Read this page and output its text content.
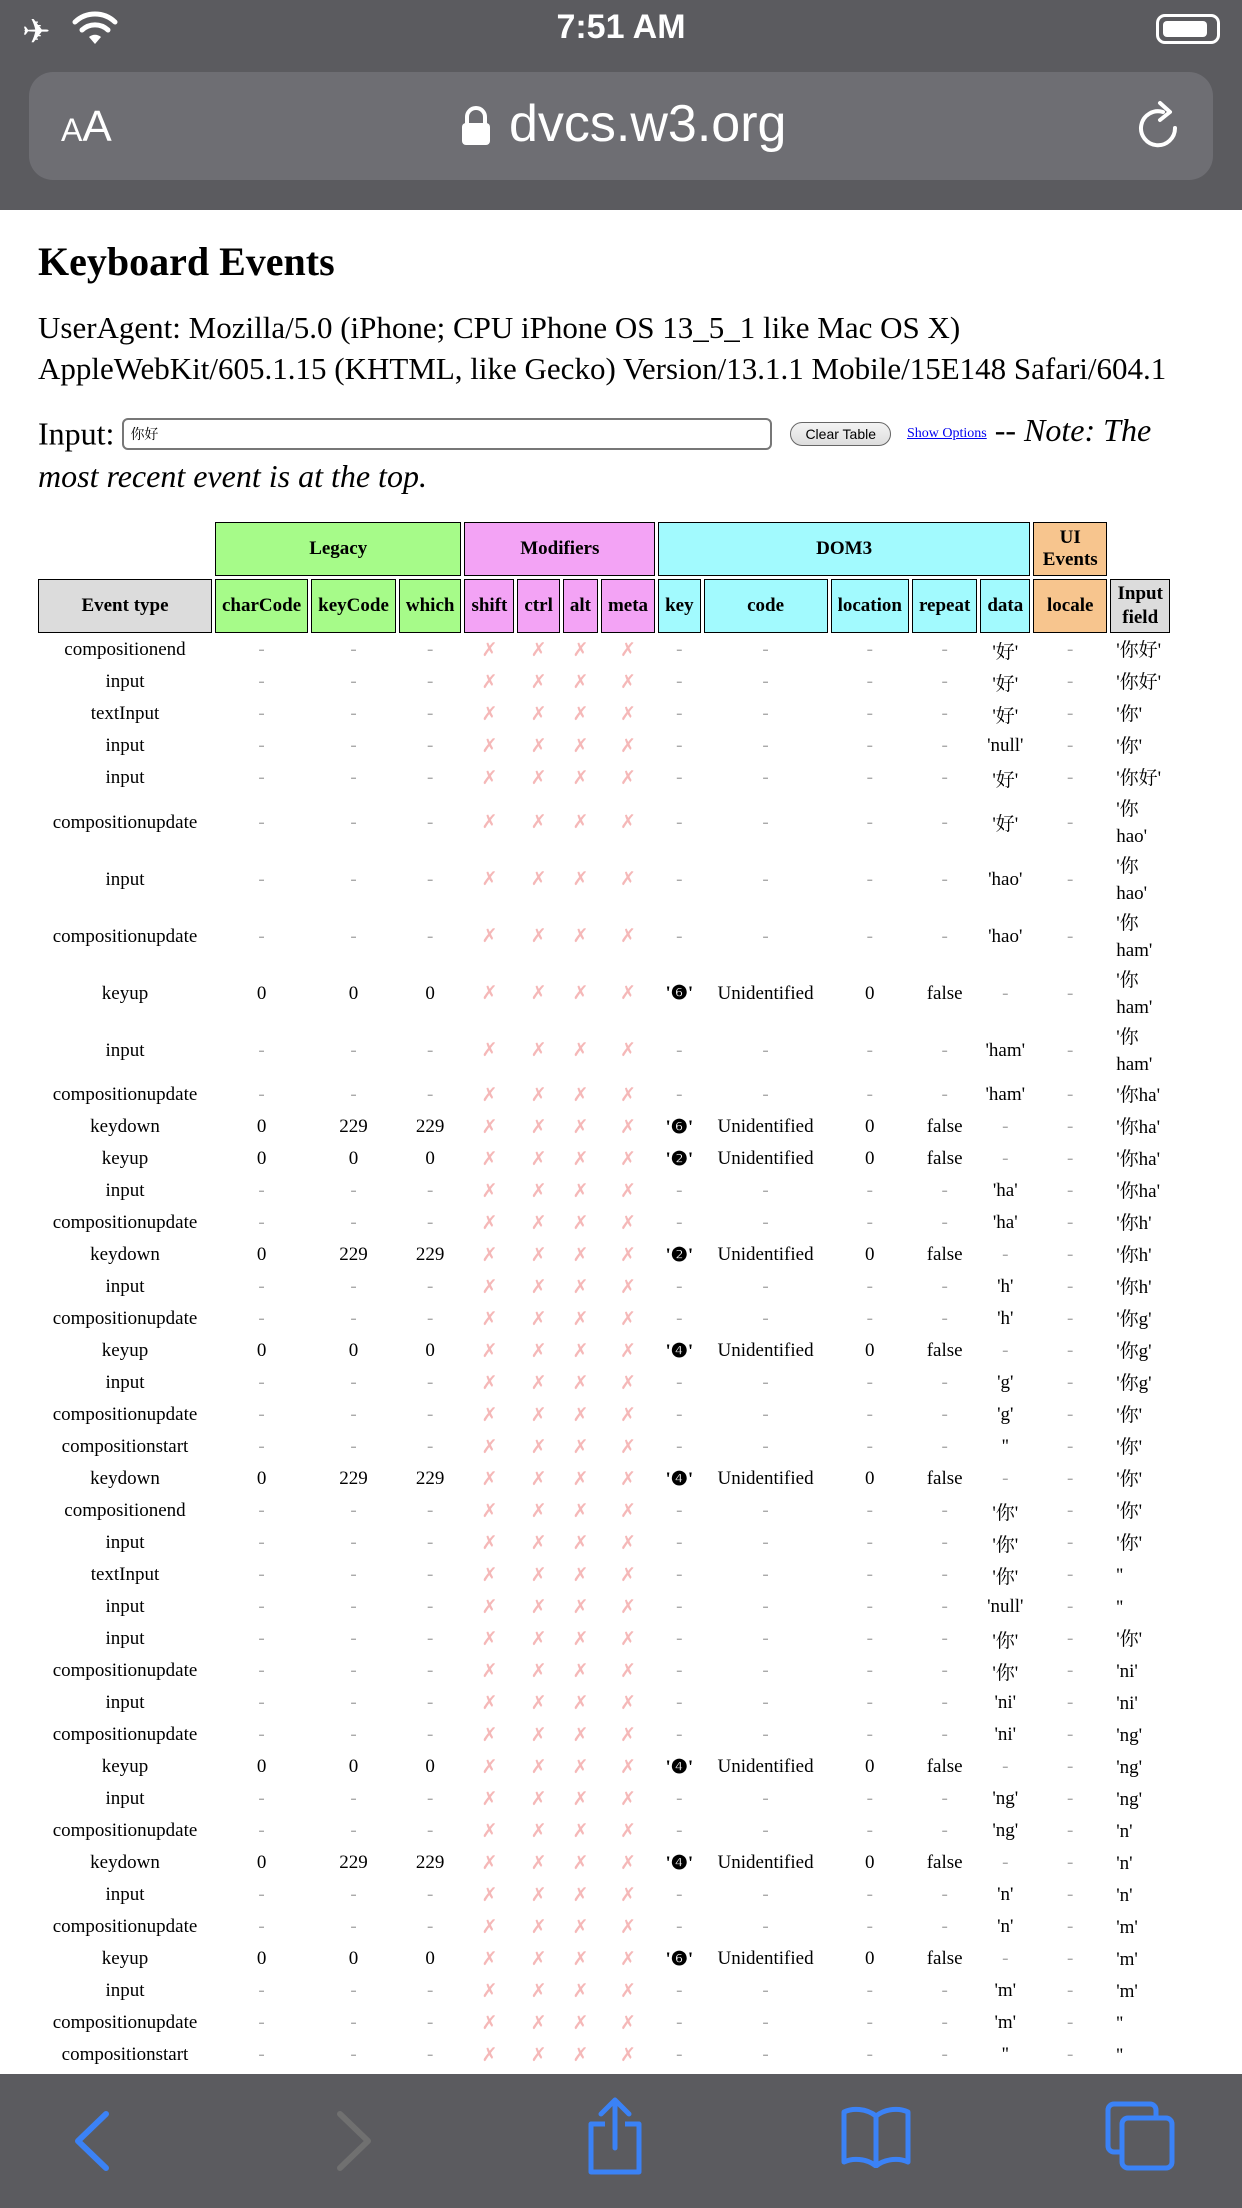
✈	7:51 AM
AA	dvcs.w3.org
Keyboard Events
UserAgent: Mozilla/5.0 (iPhone; CPU iPhone OS 13_5_1 like Mac OS X) AppleWebKit/605.1.15 (KHTML, like Gecko) Version/13.1.1 Mobile/15E148 Safari/604.1
Input: 你好	Clear Table Show Options -- Note: The most recent event is at the top.
	Legacy			Modifiers				DOM3					UI Events	
Event type	charCode	keyCode	which	shift	ctrl	alt	meta	key	code	location	repeat	data	locale	Input field
compositionend	-	-	-	✗	✗	✗	✗	-	-	-	-	'好'	-	'你好'
input	-	-	-	✗	✗	✗	✗	-	-	-	-	'好'	-	'你好'
textInput	-	-	-	✗	✗	✗	✗	-	-	-	-	'好'	-	'你'
input	-	-	-	✗	✗	✗	✗	-	-	-	-	'null'	-	'你'
input	-	-	-	✗	✗	✗	✗	-	-	-	-	'好'	-	'你好'
compositionupdate	-	-	-	✗	✗	✗	✗	-	-	-	-	'好'	-	'你 hao'
input	-	-	-	✗	✗	✗	✗	-	-	-	-	'hao'	-	'你 hao'
compositionupdate	-	-	-	✗	✗	✗	✗	-	-	-	-	'hao'	-	'你 ham'
keyup	0	0	0	✗	✗	✗	✗	'❻'	Unidentified	0	false	-	-	'你 ham'
input	-	-	-	✗	✗	✗	✗	-	-	-	-	'ham'	-	'你 ham'
compositionupdate	-	-	-	✗	✗	✗	✗	-	-	-	-	'ham'	-	'你ha'
keydown	0	229	229	✗	✗	✗	✗	'❻'	Unidentified	0	false	-	-	'你ha'
keyup	0	0	0	✗	✗	✗	✗	'❷'	Unidentified	0	false	-	-	'你ha'
input	-	-	-	✗	✗	✗	✗	-	-	-	-	'ha'	-	'你ha'
compositionupdate	-	-	-	✗	✗	✗	✗	-	-	-	-	'ha'	-	'你h'
keydown	0	229	229	✗	✗	✗	✗	'❷'	Unidentified	0	false	-	-	'你h'
input	-	-	-	✗	✗	✗	✗	-	-	-	-	'h'	-	'你h'
compositionupdate	-	-	-	✗	✗	✗	✗	-	-	-	-	'h'	-	'你g'
keyup	0	0	0	✗	✗	✗	✗	'❹'	Unidentified	0	false	-	-	'你g'
input	-	-	-	✗	✗	✗	✗	-	-	-	-	'g'	-	'你g'
compositionupdate	-	-	-	✗	✗	✗	✗	-	-	-	-	'g'	-	'你'
compositionstart	-	-	-	✗	✗	✗	✗	-	-	-	-	''	-	'你'
keydown	0	229	229	✗	✗	✗	✗	'❹'	Unidentified	0	false	-	-	'你'
compositionend	-	-	-	✗	✗	✗	✗	-	-	-	-	'你'	-	'你'
input	-	-	-	✗	✗	✗	✗	-	-	-	-	'你'	-	'你'
textInput	-	-	-	✗	✗	✗	✗	-	-	-	-	'你'	-	''
input	-	-	-	✗	✗	✗	✗	-	-	-	-	'null'	-	''
input	-	-	-	✗	✗	✗	✗	-	-	-	-	'你'	-	'你'
compositionupdate	-	-	-	✗	✗	✗	✗	-	-	-	-	'你'	-	'ni'
input	-	-	-	✗	✗	✗	✗	-	-	-	-	'ni'	-	'ni'
compositionupdate	-	-	-	✗	✗	✗	✗	-	-	-	-	'ni'	-	'ng'
keyup	0	0	0	✗	✗	✗	✗	'❹'	Unidentified	0	false	-	-	'ng'
input	-	-	-	✗	✗	✗	✗	-	-	-	-	'ng'	-	'ng'
compositionupdate	-	-	-	✗	✗	✗	✗	-	-	-	-	'ng'	-	'n'
keydown	0	229	229	✗	✗	✗	✗	'❹'	Unidentified	0	false	-	-	'n'
input	-	-	-	✗	✗	✗	✗	-	-	-	-	'n'	-	'n'
compositionupdate	-	-	-	✗	✗	✗	✗	-	-	-	-	'n'	-	'm'
keyup	0	0	0	✗	✗	✗	✗	'❻'	Unidentified	0	false	-	-	'm'
input	-	-	-	✗	✗	✗	✗	-	-	-	-	'm'	-	'm'
compositionupdate	-	-	-	✗	✗	✗	✗	-	-	-	-	'm'	-	''
compositionstart	-	-	-	✗	✗	✗	✗	-	-	-	-	''	-	''
